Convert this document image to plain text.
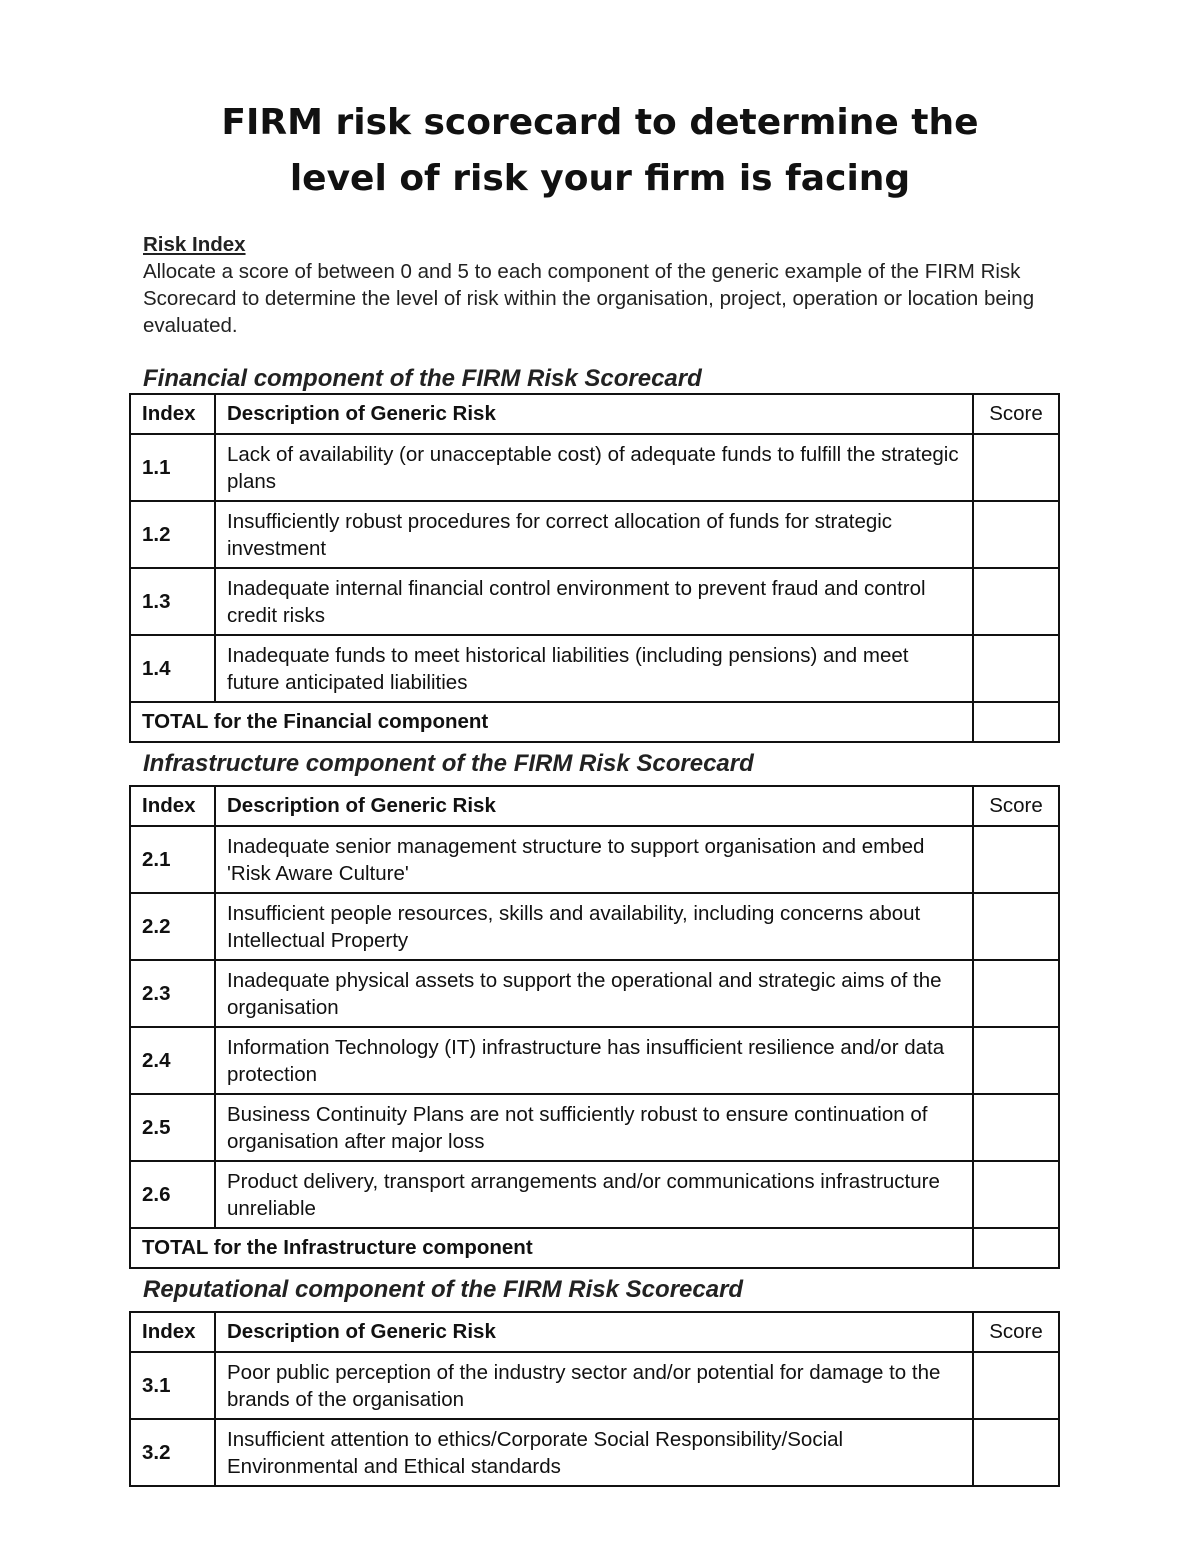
FIRM risk scorecard to determine the
level of risk your firm is facing
Risk Index
Allocate a score of between 0 and 5 to each component of the generic example of the FIRM Risk Scorecard to determine the level of risk within the organisation, project, operation or location being evaluated.
Financial component of the FIRM Risk Scorecard
Index	Description of Generic Risk	Score
1.1	Lack of availability (or unacceptable cost) of adequate funds to fulfill the strategic plans	
1.2	Insufficiently robust procedures for correct allocation of funds for strategic investment	
1.3	Inadequate internal financial control environment to prevent fraud and control credit risks	
1.4	Inadequate funds to meet historical liabilities (including pensions) and meet future anticipated liabilities	
TOTAL for the Financial component		
Infrastructure component of the FIRM Risk Scorecard
Index	Description of Generic Risk	Score
2.1	Inadequate senior management structure to support organisation and embed 'Risk Aware Culture'	
2.2	Insufficient people resources, skills and availability, including concerns about Intellectual Property	
2.3	Inadequate physical assets to support the operational and strategic aims of the organisation	
2.4	Information Technology (IT) infrastructure has insufficient resilience and/or data protection	
2.5	Business Continuity Plans are not sufficiently robust to ensure continuation of organisation after major loss	
2.6	Product delivery, transport arrangements and/or communications infrastructure unreliable	
TOTAL for the Infrastructure component		
Reputational component of the FIRM Risk Scorecard
Index	Description of Generic Risk	Score
3.1	Poor public perception of the industry sector and/or potential for damage to the brands of the organisation	
3.2	Insufficient attention to ethics/Corporate Social Responsibility/Social Environmental and Ethical standards	
